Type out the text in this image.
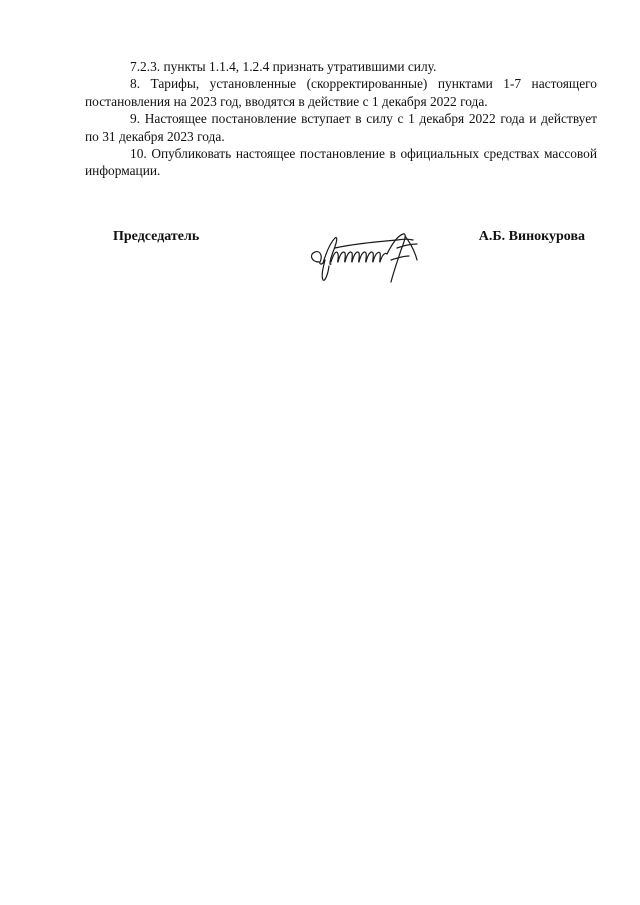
7.2.3. пункты 1.1.4, 1.2.4 признать утратившими силу.

8. Тарифы, установленные (скорректированные) пунктами 1-7 настоящего постановления на 2023 год, вводятся в действие с 1 декабря 2022 года.

9. Настоящее постановление вступает в силу с 1 декабря 2022 года и действует по 31 декабря 2023 года.

10. Опубликовать настоящее постановление в официальных средствах массовой информации.

Председатель	А.Б. Винокурова
